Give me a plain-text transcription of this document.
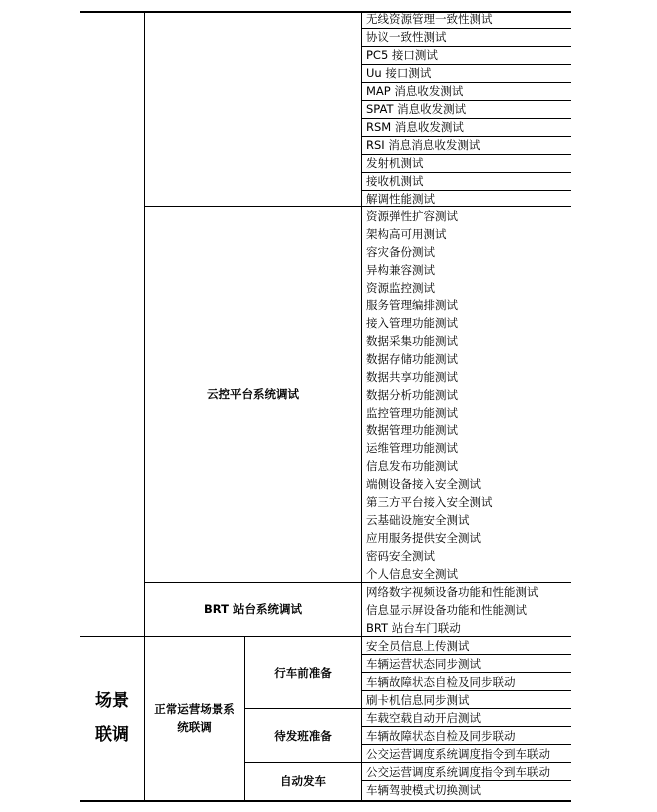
无线资源管理一致性测试
协议一致性测试
PC5 接口测试
Uu 接口测试
MAP 消息收发测试
SPAT 消息收发测试
RSM 消息收发测试
RSI 消息消息收发测试
发射机测试
接收机测试
解调性能测试
云控平台系统调试
资源弹性扩容测试
架构高可用测试
容灾备份测试
异构兼容测试
资源监控测试
服务管理编排测试
接入管理功能测试
数据采集功能测试
数据存储功能测试
数据共享功能测试
数据分析功能测试
监控管理功能测试
数据管理功能测试
运维管理功能测试
信息发布功能测试
端侧设备接入安全测试
第三方平台接入安全测试
云基础设施安全测试
应用服务提供安全测试
密码安全测试
个人信息安全测试
BRT 站台系统调试
网络数字视频设备功能和性能测试
信息显示屏设备功能和性能测试
BRT 站台车门联动
场景
联调
正常运营场景系
统联调
行车前准备
安全员信息上传测试
车辆运营状态同步测试
车辆故障状态自检及同步联动
刷卡机信息同步测试
待发班准备
车载空载自动开启测试
车辆故障状态自检及同步联动
公交运营调度系统调度指令到车联动
自动发车
公交运营调度系统调度指令到车联动
车辆驾驶模式切换测试
